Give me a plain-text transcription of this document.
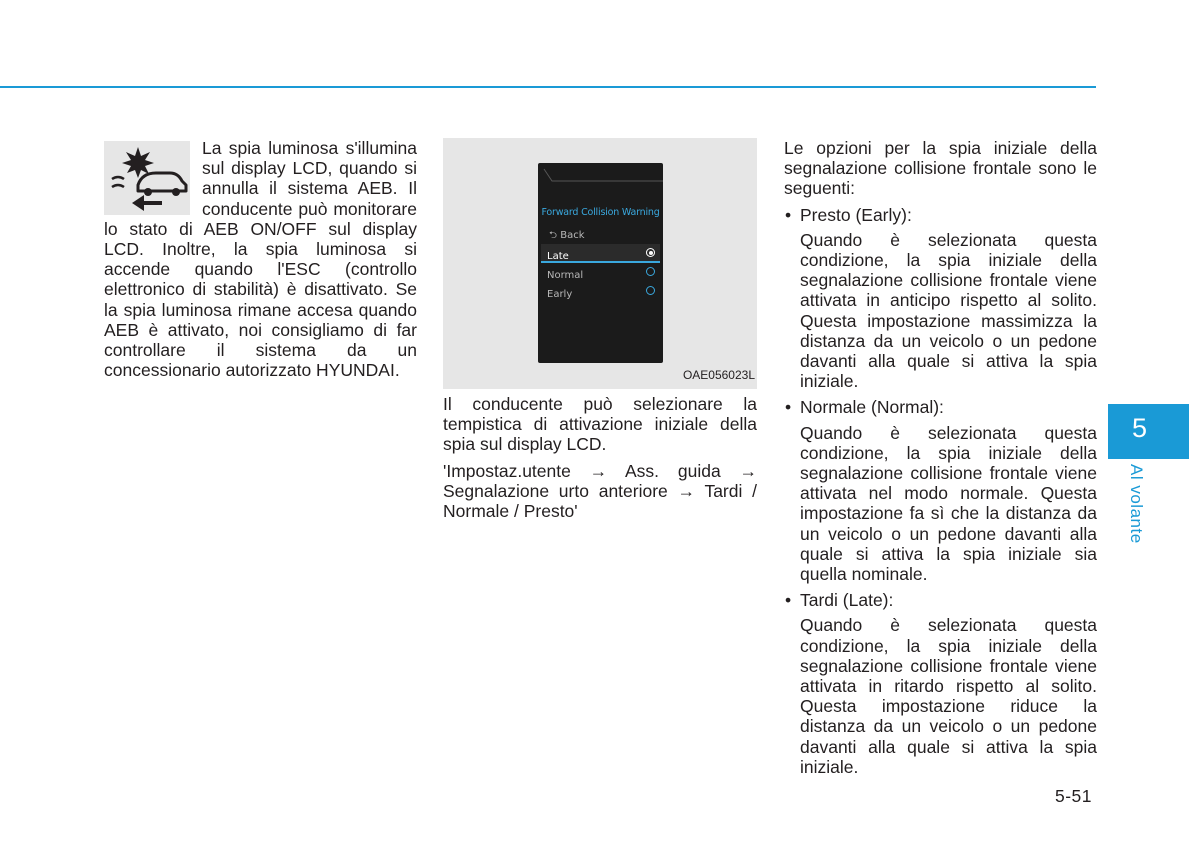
La spia luminosa s'illumina sul display LCD, quando si annulla il sistema AEB. Il conducente può monitorare lo stato di AEB ON/OFF sul display LCD. Inoltre, la spia luminosa si accende quando l'ESC (controllo elettronico di stabilità) è disattivato. Se la spia luminosa rimane accesa quando AEB è attivato, noi consigliamo di far controllare il sistema da un concessionario autorizzato HYUNDAI.

Forward Collision Warning
⮌ Back
Late
Normal
Early
OAE056023L

Il conducente può selezionare la tempistica di attivazione iniziale della spia sul display LCD.

'Impostaz.utente → Ass. guida → Segnalazione urto anteriore → Tardi / Normale / Presto'

Le opzioni per la spia iniziale della segnalazione collisione frontale sono le seguenti:

• Presto (Early):
Quando è selezionata questa condizione, la spia iniziale della segnalazione collisione frontale viene attivata in anticipo rispetto al solito. Questa impostazione massimizza la distanza da un veicolo o un pedone davanti alla quale si attiva la spia iniziale.
• Normale (Normal):
Quando è selezionata questa condizione, la spia iniziale della segnalazione collisione frontale viene attivata nel modo normale. Questa impostazione fa sì che la distanza da un veicolo o un pedone davanti alla quale si attiva la spia iniziale sia quella nominale.
• Tardi (Late):
Quando è selezionata questa condizione, la spia iniziale della segnalazione collisione frontale viene attivata in ritardo rispetto al solito. Questa impostazione riduce la distanza da un veicolo o un pedone davanti alla quale si attiva la spia iniziale.
5
Al volante
5-51
